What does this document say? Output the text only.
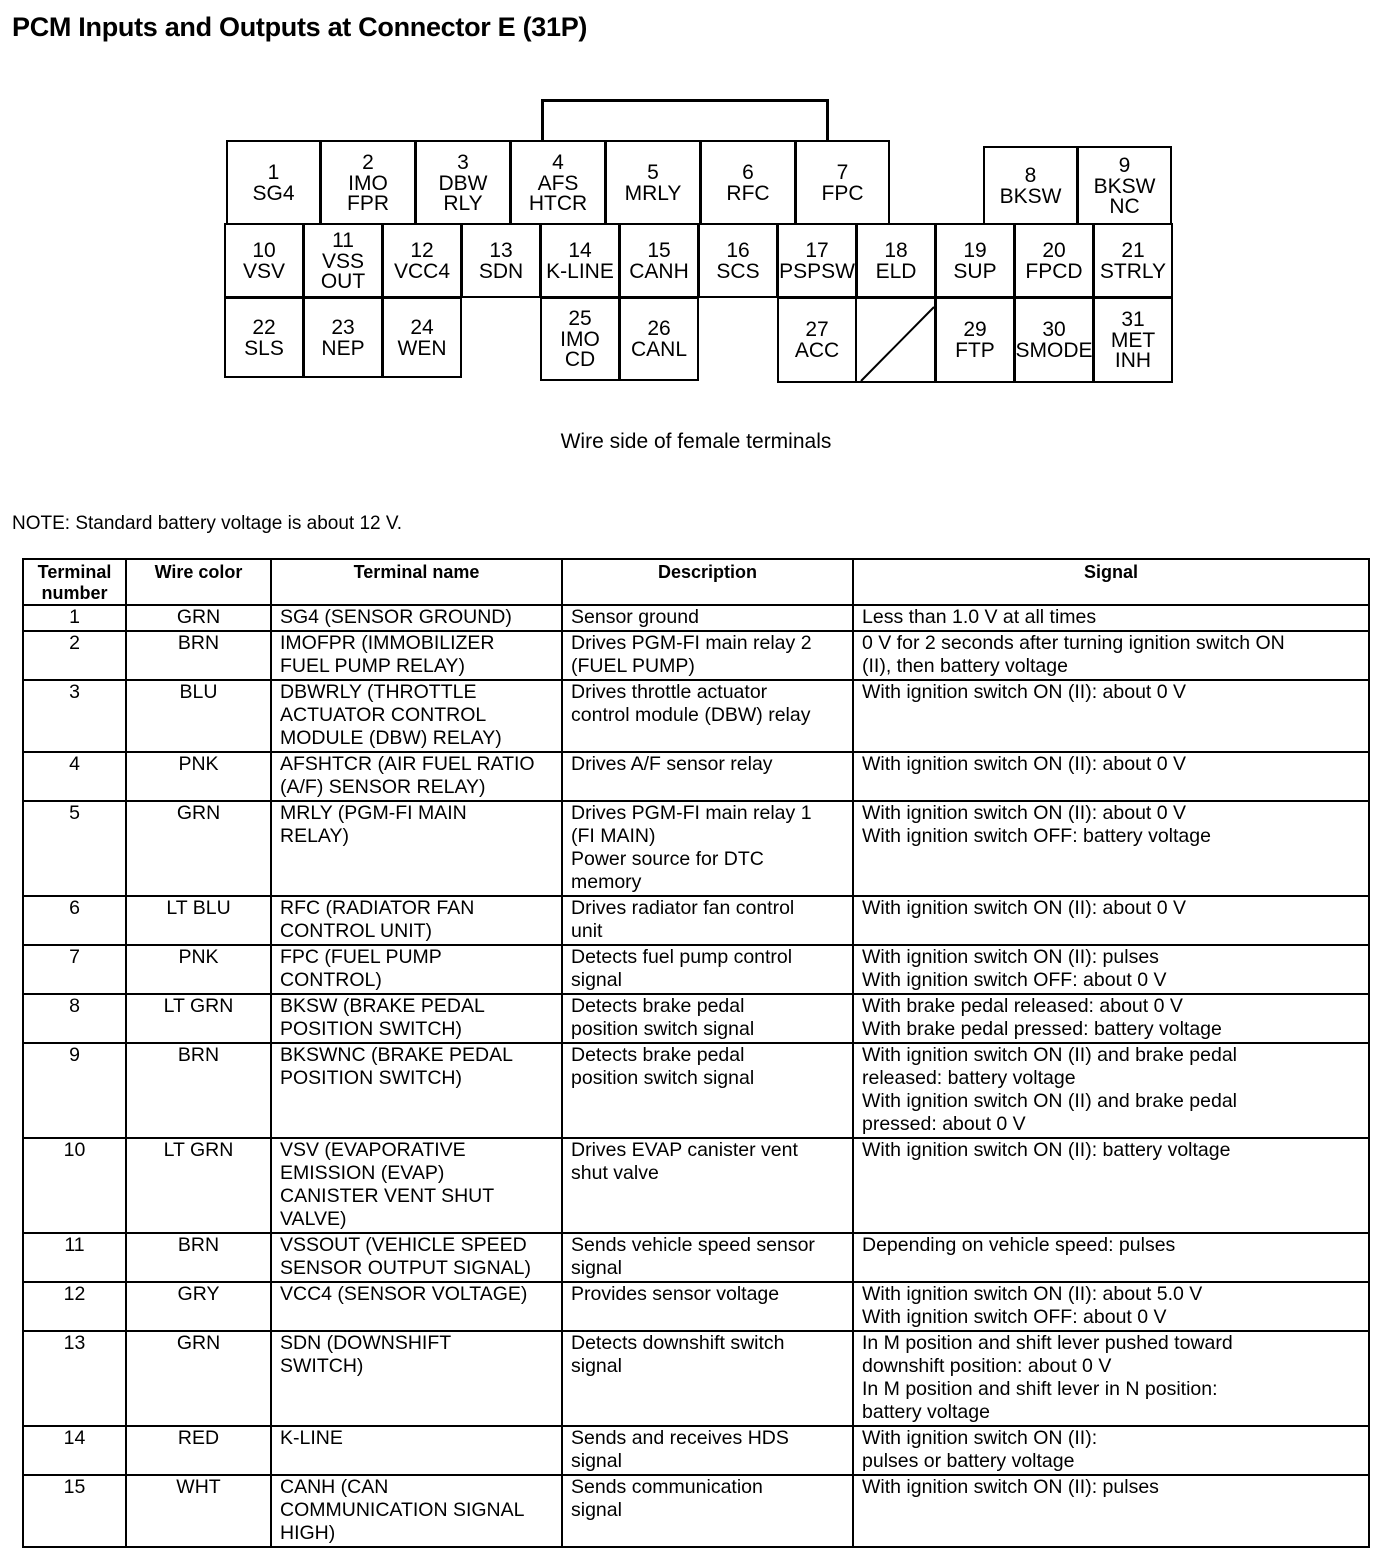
PCM Inputs and Outputs at Connector E (31P)
1
SG4
2
IMO
FPR
3
DBW
RLY
4
AFS
HTCR
5
MRLY
6
RFC
7
FPC
8
BKSW
9
BKSW
NC
10
VSV
11
VSS
OUT
12
VCC4
13
SDN
14
K-LINE
15
CANH
16
SCS
17
PSPSW
18
ELD
19
SUP
20
FPCD
21
STRLY
22
SLS
23
NEP
24
WEN
25
IMO
CD
26
CANL
27
ACC
29
FTP
30
SMODE
31
MET
INH
Wire side of female terminals
NOTE: Standard battery voltage is about 12 V.
Terminal
number	Wire color	Terminal name	Description	Signal
1	GRN	SG4 (SENSOR GROUND)	Sensor ground	Less than 1.0 V at all times
2	BRN	IMOFPR (IMMOBILIZER
FUEL PUMP RELAY)	Drives PGM-FI main relay 2
(FUEL PUMP)	0 V for 2 seconds after turning ignition switch ON
(II), then battery voltage
3	BLU	DBWRLY (THROTTLE
ACTUATOR CONTROL
MODULE (DBW) RELAY)	Drives throttle actuator
control module (DBW) relay	With ignition switch ON (II): about 0 V
4	PNK	AFSHTCR (AIR FUEL RATIO
(A/F) SENSOR RELAY)	Drives A/F sensor relay	With ignition switch ON (II): about 0 V
5	GRN	MRLY (PGM-FI MAIN
RELAY)	Drives PGM-FI main relay 1
(FI MAIN)
Power source for DTC
memory	With ignition switch ON (II): about 0 V
With ignition switch OFF: battery voltage
6	LT BLU	RFC (RADIATOR FAN
CONTROL UNIT)	Drives radiator fan control
unit	With ignition switch ON (II): about 0 V
7	PNK	FPC (FUEL PUMP
CONTROL)	Detects fuel pump control
signal	With ignition switch ON (II): pulses
With ignition switch OFF: about 0 V
8	LT GRN	BKSW (BRAKE PEDAL
POSITION SWITCH)	Detects brake pedal
position switch signal	With brake pedal released: about 0 V
With brake pedal pressed: battery voltage
9	BRN	BKSWNC (BRAKE PEDAL
POSITION SWITCH)	Detects brake pedal
position switch signal	With ignition switch ON (II) and brake pedal
released: battery voltage
With ignition switch ON (II) and brake pedal
pressed: about 0 V
10	LT GRN	VSV (EVAPORATIVE
EMISSION (EVAP)
CANISTER VENT SHUT
VALVE)	Drives EVAP canister vent
shut valve	With ignition switch ON (II): battery voltage
11	BRN	VSSOUT (VEHICLE SPEED
SENSOR OUTPUT SIGNAL)	Sends vehicle speed sensor
signal	Depending on vehicle speed: pulses
12	GRY	VCC4 (SENSOR VOLTAGE)	Provides sensor voltage	With ignition switch ON (II): about 5.0 V
With ignition switch OFF: about 0 V
13	GRN	SDN (DOWNSHIFT
SWITCH)	Detects downshift switch
signal	In M position and shift lever pushed toward
downshift position: about 0 V
In M position and shift lever in N position:
battery voltage
14	RED	K-LINE	Sends and receives HDS
signal	With ignition switch ON (II):
pulses or battery voltage
15	WHT	CANH (CAN
COMMUNICATION SIGNAL
HIGH)	Sends communication
signal	With ignition switch ON (II): pulses
